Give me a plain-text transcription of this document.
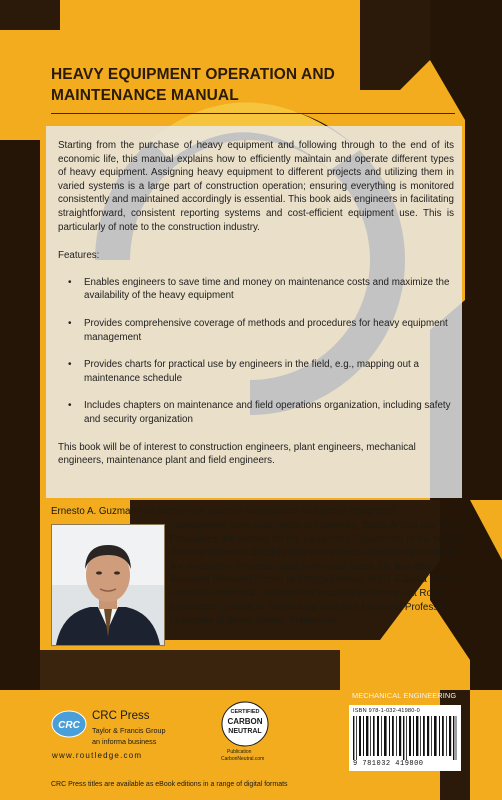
HEAVY EQUIPMENT OPERATION AND
MAINTENANCE MANUAL

Starting from the purchase of heavy equipment and following through to the end of its economic life, this manual explains how to efficiently maintain and operate different types of heavy equipment. Assigning heavy equipment to different projects and utilizing them in varied systems is a large part of construction operation; ensuring everything is monitored consistently and maintained accordingly is essential. This book aids engineers in facilitating straightforward, consistent reporting systems and cost-efficient equipment use. This is particularly of note to the construction industry.

Features:

• Enables engineers to save time and money on maintenance costs and maximize the availability of the heavy equipment
• Provides comprehensive coverage of methods and procedures for heavy equipment management
• Provides charts for practical use by engineers in the field, e.g., mapping out a maintenance schedule
• Includes chapters on maintenance and field operations organization, including safety and security organization

This book will be of interest to construction engineers, plant engineers, mechanical engineers, maintenance plant and field engineers.

Ernesto A. Guzman has twenty-one years of construction and heavy equipment

management work experience in Indonesia, Saudi Arabia and the Philippines. He worked for the Equipment Department of the North Railway Project in Saudi Arabia on a project constructing a railway line to connect the west coast to the east coast. He was also Assistant Division Director at Energy Division of PT Bukaka Teknik Utama in Indonesia. Guzman has teaching experience at Royal Melbourne Institute of Technology, and was Associate Professor at University of Santo Tomas, Philippines.

MECHANICAL ENGINEERING

ISBN 978-1-032-41980-0

9 781032 419800

CRC

CRC Press

Taylor & Francis Group

an informa business

www.routledge.com

CERTIFIED
CARBON
NEUTRAL

Publication

CarbonNeutral.com

CRC Press titles are available as eBook editions in a range of digital formats
